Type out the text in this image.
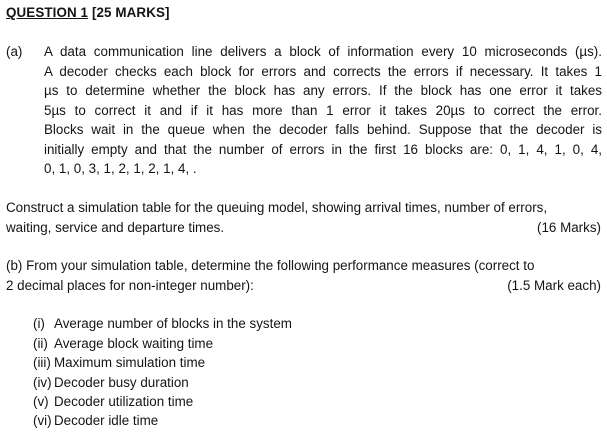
QUESTION 1 [25 MARKS]
(a) A data communication line delivers a block of information every 10 microseconds (µs).
A decoder checks each block for errors and corrects the errors if necessary. It takes 1
µs to determine whether the block has any errors. If the block has one error it takes
5µs to correct it and if it has more than 1 error it takes 20µs to correct the error.
Blocks wait in the queue when the decoder falls behind. Suppose that the decoder is
initially empty and that the number of errors in the first 16 blocks are: 0, 1, 4, 1, 0, 4,
0, 1, 0, 3, 1, 2, 1, 2, 1, 4, .
Construct a simulation table for the queuing model, showing arrival times, number of errors,
waiting, service and departure times.	(16 Marks)
(b) From your simulation table, determine the following performance measures (correct to
2 decimal places for non-integer number):	(1.5 Mark each)
(i) Average number of blocks in the system
(ii) Average block waiting time
(iii) Maximum simulation time
(iv) Decoder busy duration
(v) Decoder utilization time
(vi) Decoder idle time
